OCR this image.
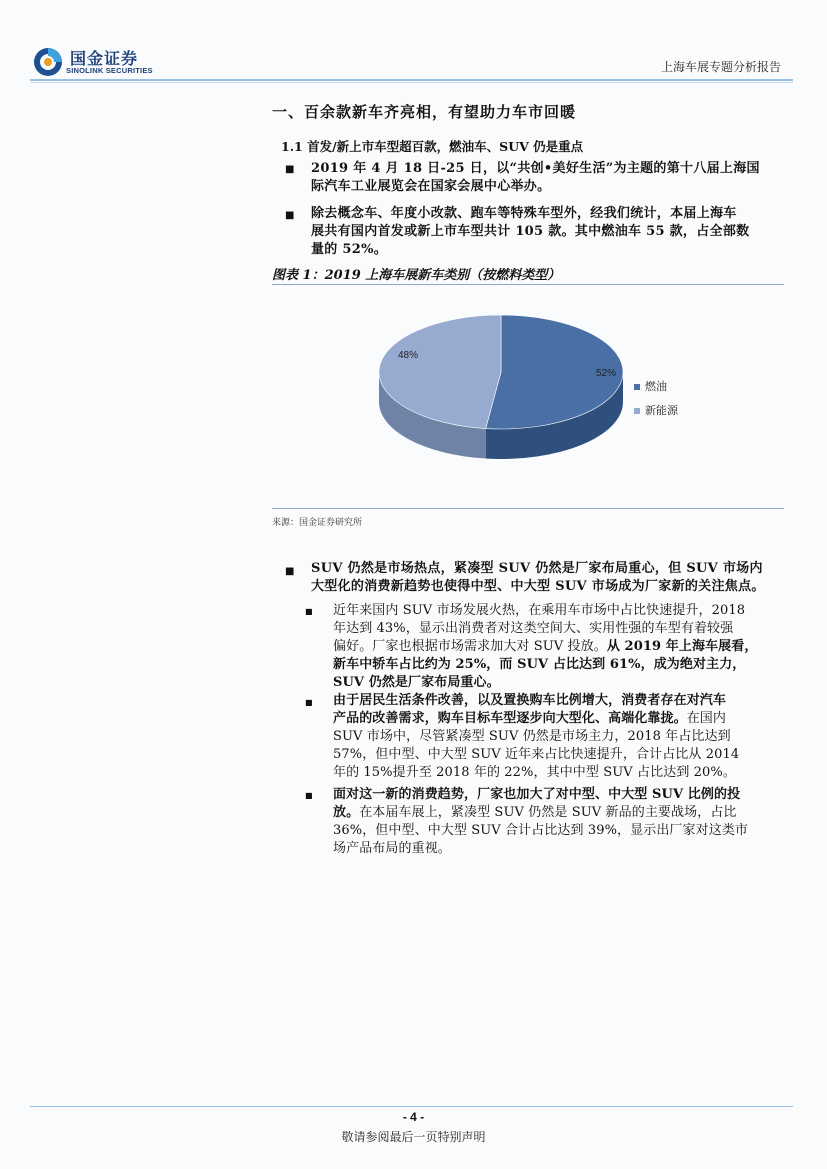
国金证券
SINOLINK SECURITIES	上海车展专题分析报告
一、百余款新车齐亮相，有望助力车市回暖
1.1 首发/新上市车型超百款，燃油车、SUV 仍是重点
■ 2019 年 4 月 18 日-25 日，以“共创•美好生活”为主题的第十八届上海国
际汽车工业展览会在国家会展中心举办。
■ 除去概念车、年度小改款、跑车等特殊车型外，经我们统计，本届上海车
展共有国内首发或新上市车型共计 105 款。其中燃油车 55 款，占全部数
量的 52%。
图表 1：2019 上海车展新车类别（按燃料类型）
52%
48%
燃油
新能源
来源：国金证券研究所
■ SUV 仍然是市场热点，紧凑型 SUV 仍然是厂家布局重心，但 SUV 市场内
大型化的消费新趋势也使得中型、中大型 SUV 市场成为厂家新的关注焦点。
■ 近年来国内 SUV 市场发展火热，在乘用车市场中占比快速提升，2018
年达到 43%，显示出消费者对这类空间大、实用性强的车型有着较强
偏好。厂家也根据市场需求加大对 SUV 投放。从 2019 年上海车展看，
新车中轿车占比约为 25%，而 SUV 占比达到 61%，成为绝对主力，
SUV 仍然是厂家布局重心。
■ 由于居民生活条件改善，以及置换购车比例增大，消费者存在对汽车
产品的改善需求，购车目标车型逐步向大型化、高端化靠拢。在国内
SUV 市场中，尽管紧凑型 SUV 仍然是市场主力，2018 年占比达到
57%，但中型、中大型 SUV 近年来占比快速提升，合计占比从 2014
年的 15%提升至 2018 年的 22%，其中中型 SUV 占比达到 20%。
■ 面对这一新的消费趋势，厂家也加大了对中型、中大型 SUV 比例的投
放。在本届车展上，紧凑型 SUV 仍然是 SUV 新品的主要战场，占比
36%，但中型、中大型 SUV 合计占比达到 39%，显示出厂家对这类市
场产品布局的重视。
- 4 -
敬请参阅最后一页特别声明
